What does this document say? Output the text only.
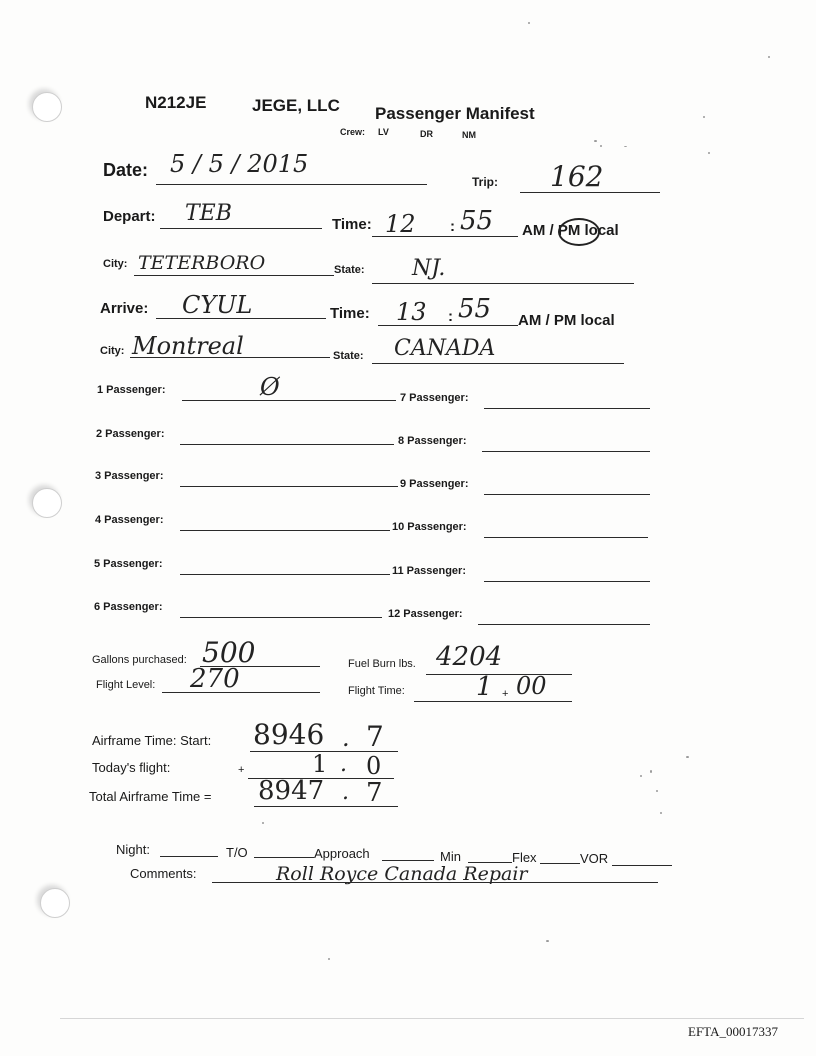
N212JE	JEGE, LLC Passenger Manifest
Crew: LV	DR	NM
Date: 5 / 5 / 2015
Trip: 162
Depart: TEB	Time: 12 : 55 AM / PM local
City: TETERBORO	State: NJ.
Arrive: CYUL	Time: 13 : 55 AM / PM local
City: Montreal	State: CANADA
1 Passenger:	Ø
2 Passenger:
3 Passenger:
4 Passenger:
5 Passenger:
6 Passenger:
7 Passenger:
8 Passenger:
9 Passenger:
10 Passenger:
11 Passenger:
12 Passenger:
Gallons purchased: 500	Fuel Burn lbs. 4204
Flight Level: 270	Flight Time:	1 + 00
Airframe Time: Start: 8946 . 7
Today's flight:	+	1 . 0
Total Airframe Time = 8947 . 7
Night:	T/O	Approach	Min	Flex	VOR
Comments:	Roll Royce Canada Repair
EFTA_00017337
